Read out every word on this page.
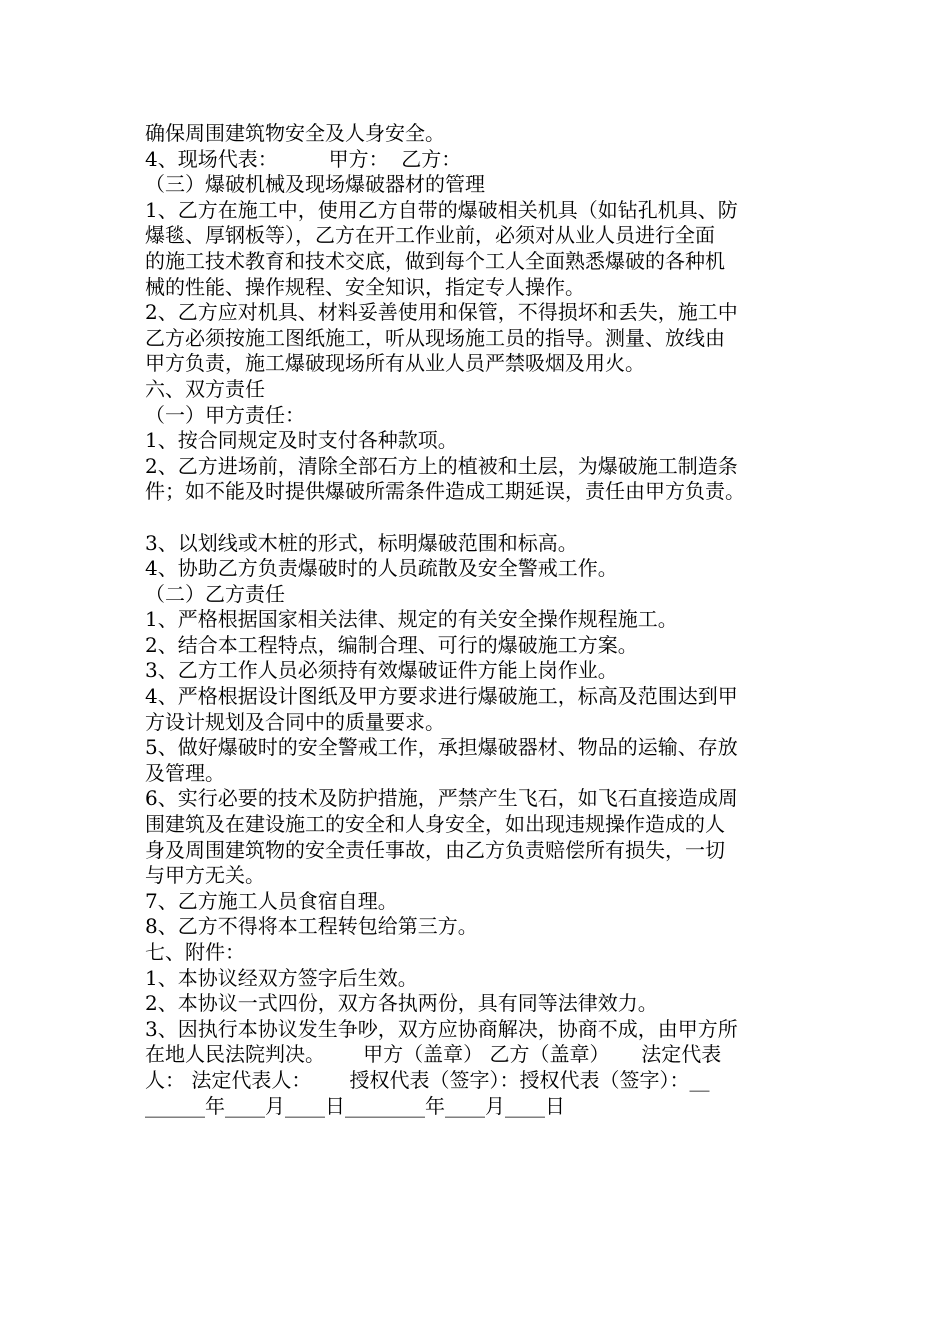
确保周围建筑物安全及人身安全。
4、现场代表：        甲方：  乙方：
（三）爆破机械及现场爆破器材的管理
1、乙方在施工中，使用乙方自带的爆破相关机具（如钻孔机具、防
爆毯、厚钢板等），乙方在开工作业前，必须对从业人员进行全面
的施工技术教育和技术交底，做到每个工人全面熟悉爆破的各种机
械的性能、操作规程、安全知识，指定专人操作。
2、乙方应对机具、材料妥善使用和保管，不得损坏和丢失，施工中
乙方必须按施工图纸施工，听从现场施工员的指导。测量、放线由
甲方负责，施工爆破现场所有从业人员严禁吸烟及用火。
六、双方责任
（一）甲方责任：
1、按合同规定及时支付各种款项。
2、乙方进场前，清除全部石方上的植被和土层，为爆破施工制造条
件；如不能及时提供爆破所需条件造成工期延误，责任由甲方负责。
3、以划线或木桩的形式，标明爆破范围和标高。
4、协助乙方负责爆破时的人员疏散及安全警戒工作。
（二）乙方责任
1、严格根据国家相关法律、规定的有关安全操作规程施工。
2、结合本工程特点，编制合理、可行的爆破施工方案。
3、乙方工作人员必须持有效爆破证件方能上岗作业。
4、严格根据设计图纸及甲方要求进行爆破施工，标高及范围达到甲
方设计规划及合同中的质量要求。
5、做好爆破时的安全警戒工作，承担爆破器材、物品的运输、存放
及管理。
6、实行必要的技术及防护措施，严禁产生飞石，如飞石直接造成周
围建筑及在建设施工的安全和人身安全，如出现违规操作造成的人
身及周围建筑物的安全责任事故，由乙方负责赔偿所有损失，一切
与甲方无关。
7、乙方施工人员食宿自理。
8、乙方不得将本工程转包给第三方。
七、附件：
1、本协议经双方签字后生效。
2、本协议一式四份，双方各执两份，具有同等法律效力。
3、因执行本协议发生争吵，双方应协商解决，协商不成，由甲方所
在地人民法院判决。      甲方（盖章） 乙方（盖章）     法定代表
人： 法定代表人：      授权代表（签字）：授权代表（签字）：__
______年____月____日________年____月____日
